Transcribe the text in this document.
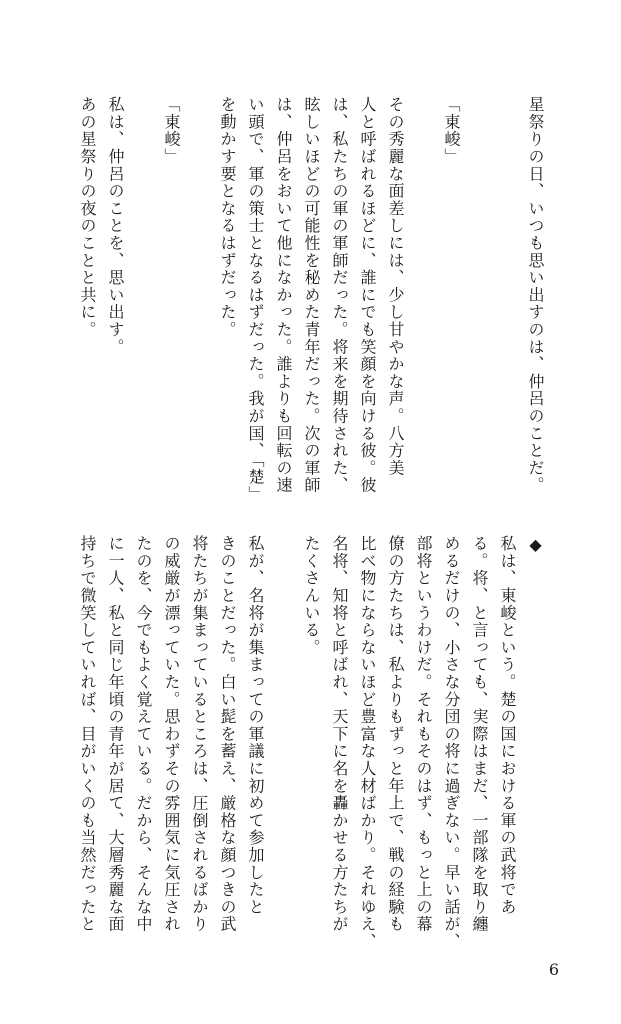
星祭りの日、いつも思い出すのは、仲呂のことだ。

「東峻」

その秀麗な面差しには、少し甘やかな声。八方美
人と呼ばれるほどに、誰にでも笑顔を向ける彼。彼
は、私たちの軍の軍師だった。将来を期待された、
眩しいほどの可能性を秘めた青年だった。次の軍師
は、仲呂をおいて他になかった。誰よりも回転の速
い頭で、軍の策士となるはずだった。我が国、「楚」
を動かす要となるはずだった。

「東峻」

私は、仲呂のことを、思い出す。
あの星祭りの夜のことと共に。
◆
私は、東峻という。楚の国における軍の武将であ
る。将、と言っても、実際はまだ、一部隊を取り纏
めるだけの、小さな分団の将に過ぎない。早い話が、
部将というわけだ。それもそのはず、もっと上の幕
僚の方たちは、私よりもずっと年上で、戦の経験も
比べ物にならないほど豊富な人材ばかり。それゆえ、
名将、知将と呼ばれ、天下に名を轟かせる方たちが
たくさんいる。

私が、名将が集まっての軍議に初めて参加したと
きのことだった。白い髭を蓄え、厳格な顔つきの武
将たちが集まっているところは、圧倒されるばかり
の威厳が漂っていた。思わずその雰囲気に気圧され
たのを、今でもよく覚えている。だから、そんな中
に一人、私と同じ年頃の青年が居て、大層秀麗な面
持ちで微笑していれば、目がいくのも当然だったと
6
